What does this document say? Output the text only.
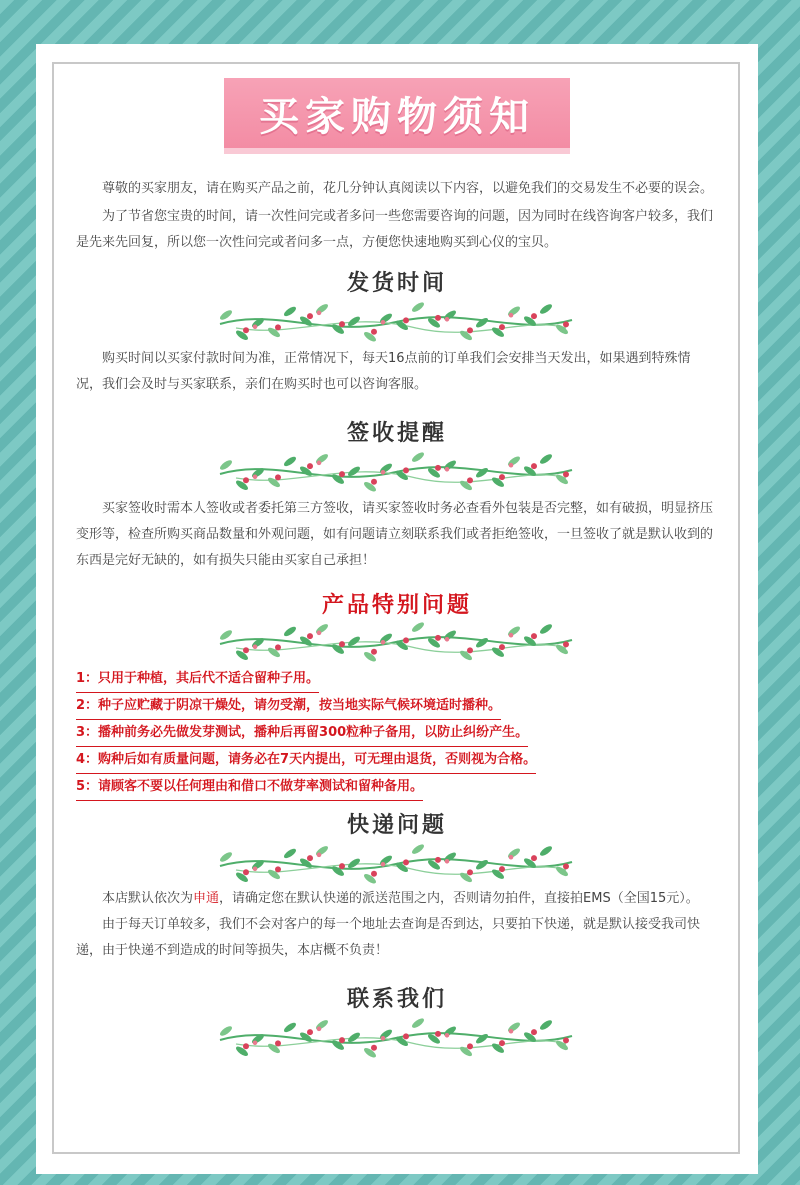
买家购物须知

尊敬的买家朋友，请在购买产品之前，花几分钟认真阅读以下内容，以避免我们的交易发生不必要的误会。

为了节省您宝贵的时间，请一次性问完或者多问一些您需要咨询的问题，因为同时在线咨询客户较多，我们是先来先回复，所以您一次性问完或者问多一点，方便您快速地购买到心仪的宝贝。

发货时间

购买时间以买家付款时间为准，正常情况下，每天16点前的订单我们会安排当天发出，如果遇到特殊情况，我们会及时与买家联系，亲们在购买时也可以咨询客服。

签收提醒

买家签收时需本人签收或者委托第三方签收，请买家签收时务必查看外包装是否完整，如有破损，明显挤压变形等，检查所购买商品数量和外观问题，如有问题请立刻联系我们或者拒绝签收，一旦签收了就是默认收到的东西是完好无缺的，如有损失只能由买家自己承担！

产品特别问题
1：只用于种植，其后代不适合留种子用。
2：种子应贮藏于阴凉干燥处，请勿受潮，按当地实际气候环境适时播种。
3：播种前务必先做发芽测试，播种后再留300粒种子备用，以防止纠纷产生。
4：购种后如有质量问题，请务必在7天内提出，可无理由退货，否则视为合格。
5：请顾客不要以任何理由和借口不做芽率测试和留种备用。
快递问题

本店默认依次为申通，请确定您在默认快递的派送范围之内，否则请勿拍件，直接拍EMS（全国15元）。

由于每天订单较多，我们不会对客户的每一个地址去查询是否到达，只要拍下快递，就是默认接受我司快递，由于快递不到造成的时间等损失，本店概不负责！

联系我们
